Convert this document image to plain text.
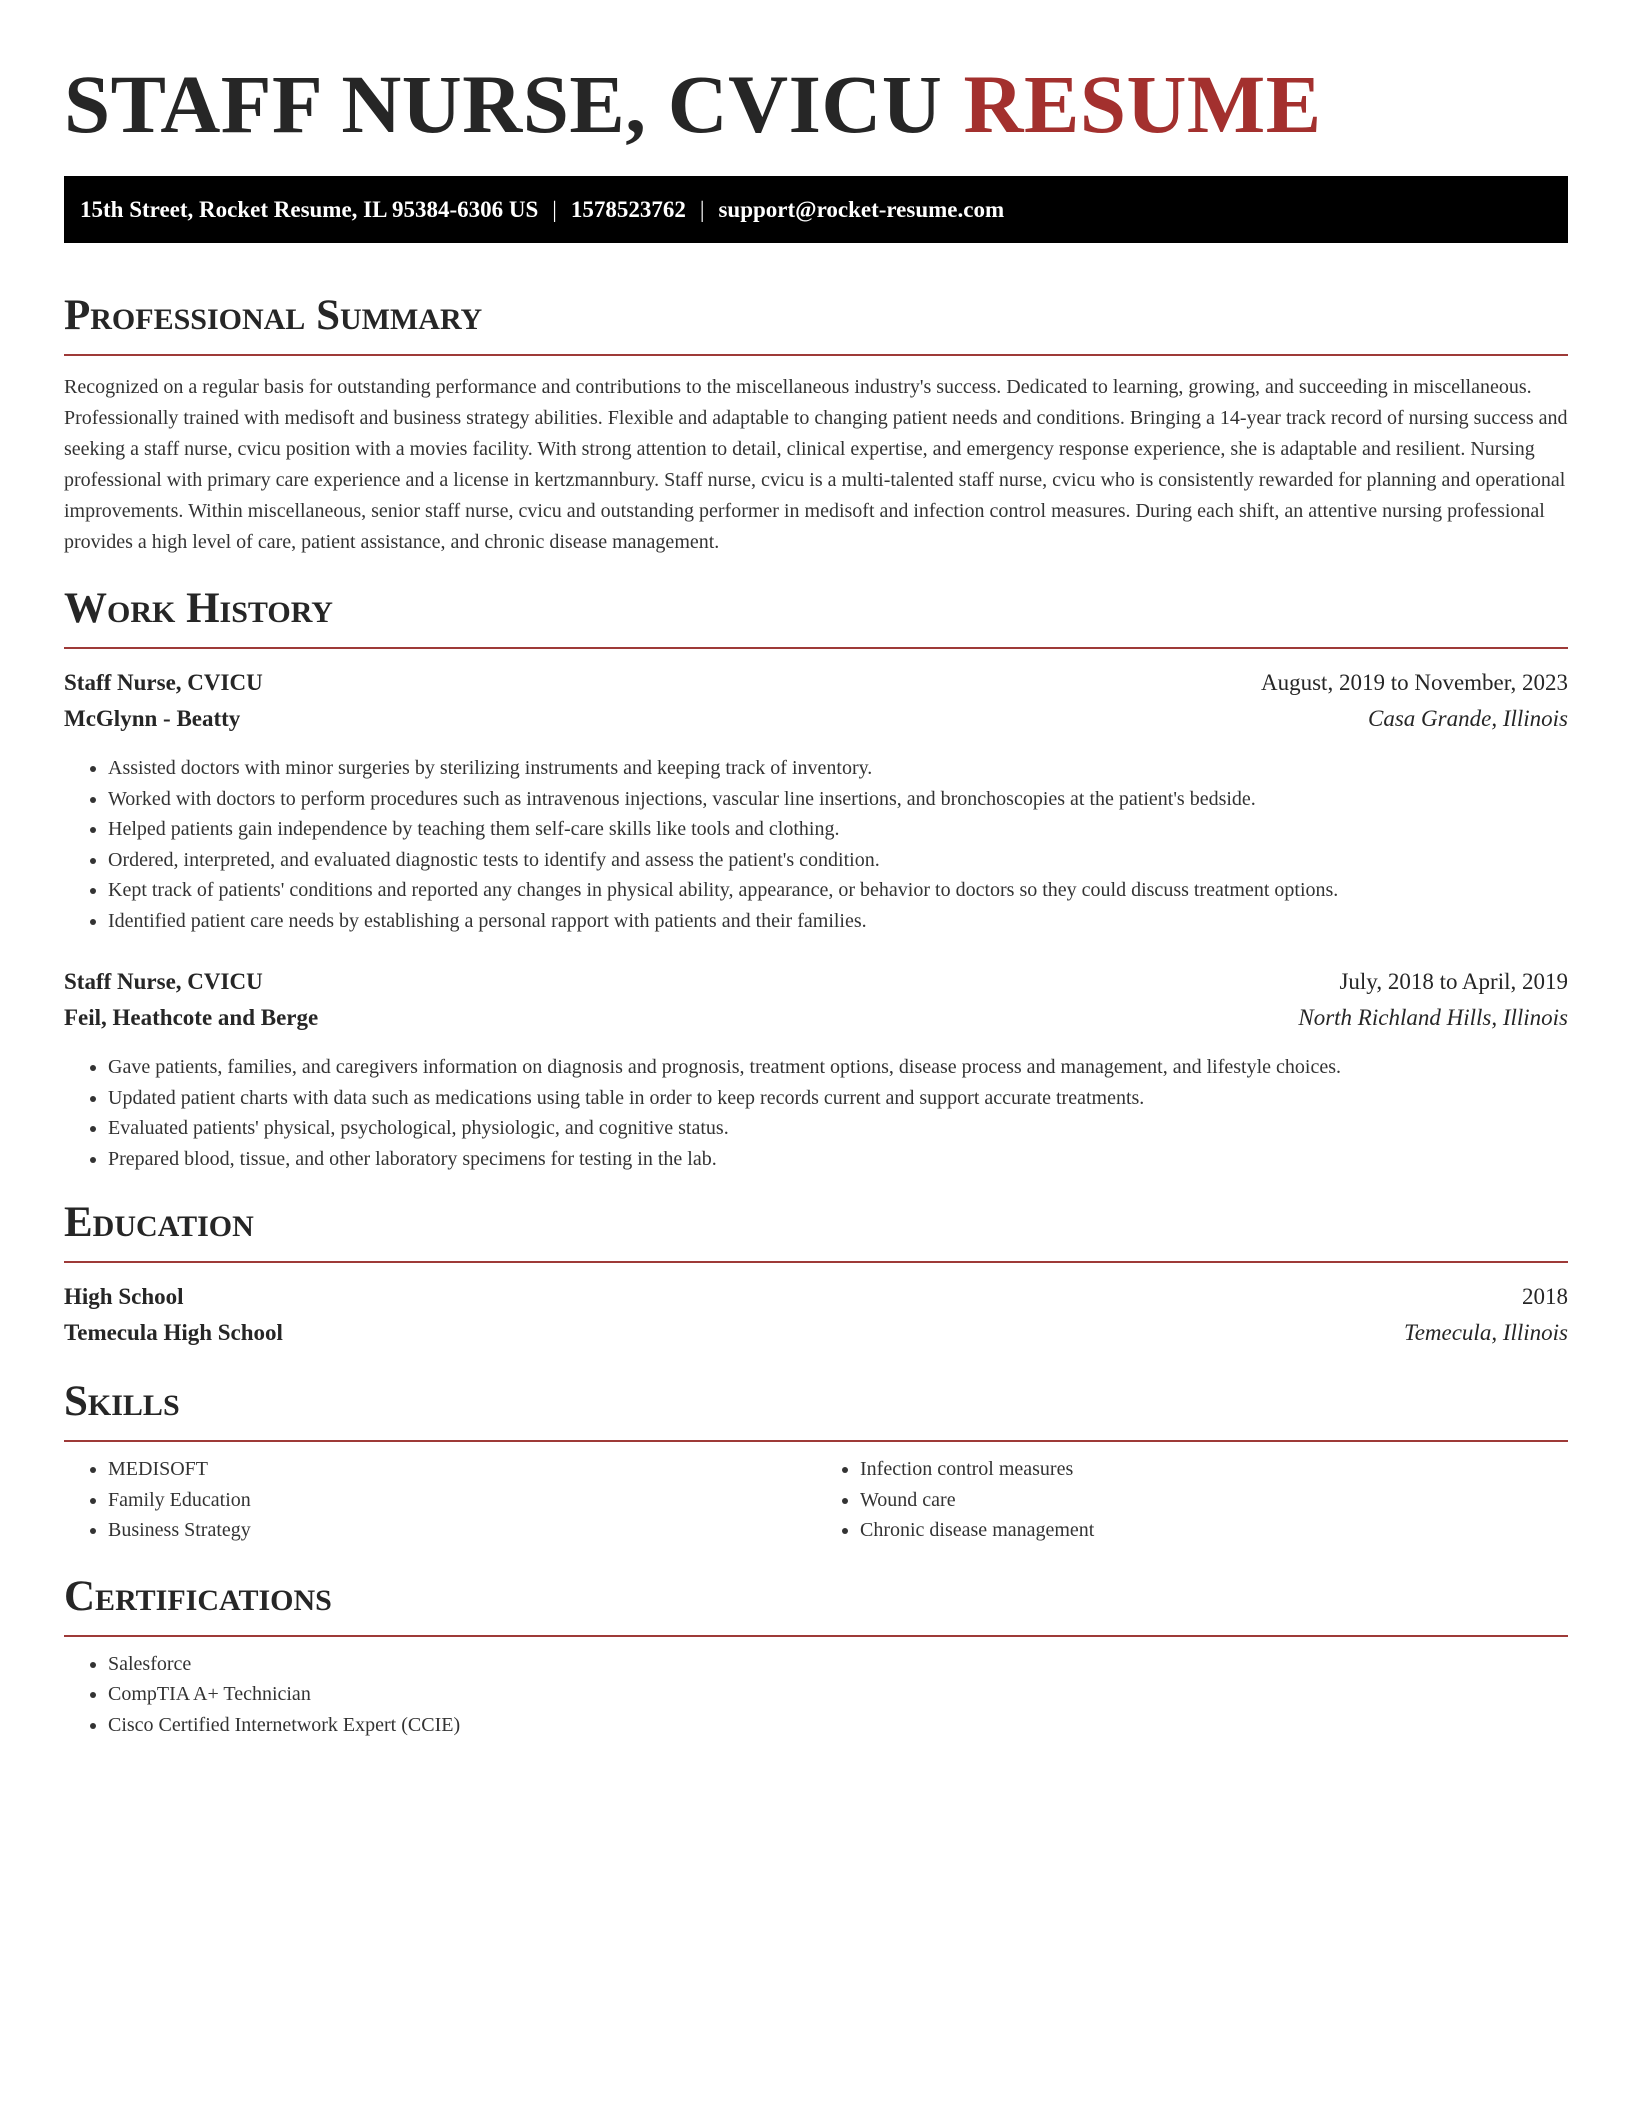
STAFF NURSE, CVICU RESUME
15th Street, Rocket Resume, IL 95384-6306 US | 1578523762 | support@rocket-resume.com
Professional Summary

Recognized on a regular basis for outstanding performance and contributions to the miscellaneous industry's success. Dedicated to learning, growing, and succeeding in miscellaneous. Professionally trained with medisoft and business strategy abilities. Flexible and adaptable to changing patient needs and conditions. Bringing a 14-year track record of nursing success and seeking a staff nurse, cvicu position with a movies facility. With strong attention to detail, clinical expertise, and emergency response experience, she is adaptable and resilient. Nursing professional with primary care experience and a license in kertzmannbury. Staff nurse, cvicu is a multi-talented staff nurse, cvicu who is consistently rewarded for planning and operational improvements. Within miscellaneous, senior staff nurse, cvicu and outstanding performer in medisoft and infection control measures. During each shift, an attentive nursing professional provides a high level of care, patient assistance, and chronic disease management.

Work History
Staff Nurse, CVICU	August, 2019 to November, 2023
McGlynn - Beatty	Casa Grande, Illinois
• Assisted doctors with minor surgeries by sterilizing instruments and keeping track of inventory.
• Worked with doctors to perform procedures such as intravenous injections, vascular line insertions, and bronchoscopies at the patient's bedside.
• Helped patients gain independence by teaching them self-care skills like tools and clothing.
• Ordered, interpreted, and evaluated diagnostic tests to identify and assess the patient's condition.
• Kept track of patients' conditions and reported any changes in physical ability, appearance, or behavior to doctors so they could discuss treatment options.
• Identified patient care needs by establishing a personal rapport with patients and their families.
Staff Nurse, CVICU	July, 2018 to April, 2019
Feil, Heathcote and Berge	North Richland Hills, Illinois
• Gave patients, families, and caregivers information on diagnosis and prognosis, treatment options, disease process and management, and lifestyle choices.
• Updated patient charts with data such as medications using table in order to keep records current and support accurate treatments.
• Evaluated patients' physical, psychological, physiologic, and cognitive status.
• Prepared blood, tissue, and other laboratory specimens for testing in the lab.
Education
High School	2018
Temecula High School	Temecula, Illinois
Skills
• MEDISOFT
• Family Education
• Business Strategy
• Infection control measures
• Wound care
• Chronic disease management
Certifications
• Salesforce
• CompTIA A+ Technician
• Cisco Certified Internetwork Expert (CCIE)
